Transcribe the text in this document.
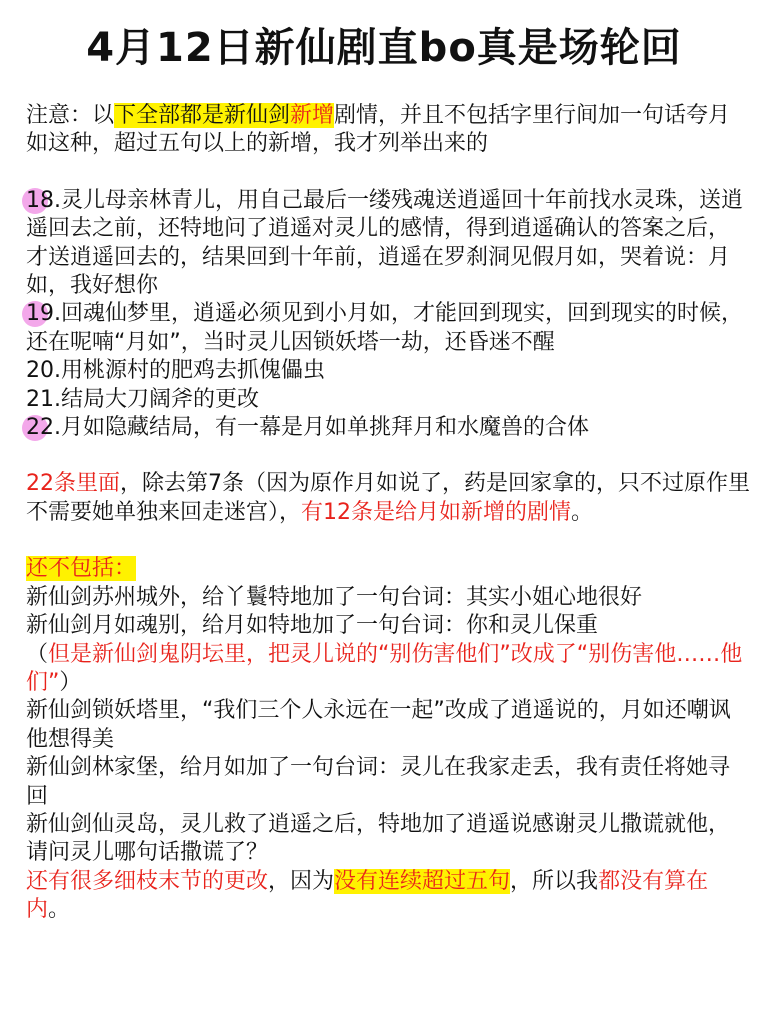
4月12日新仙剧直bo真是场轮回

注意：以下全部都是新仙剑新增剧情，并且不包括字里行间加一句话夸月如这种，超过五句以上的新增，我才列举出来的

18.灵儿母亲林青儿，用自己最后一缕残魂送逍遥回十年前找水灵珠，送逍遥回去之前，还特地问了逍遥对灵儿的感情，得到逍遥确认的答案之后，才送逍遥回去的，结果回到十年前，逍遥在罗刹洞见假月如，哭着说：月如，我好想你

19.回魂仙梦里，逍遥必须见到小月如，才能回到现实，回到现实的时候，还在呢喃“月如”，当时灵儿因锁妖塔一劫，还昏迷不醒

20.用桃源村的肥鸡去抓傀儡虫

21.结局大刀阔斧的更改

22.月如隐藏结局，有一幕是月如单挑拜月和水魔兽的合体

22条里面，除去第7条（因为原作月如说了，药是回家拿的，只不过原作里不需要她单独来回走迷宫），有12条是给月如新增的剧情。

还不包括：

新仙剑苏州城外，给丫鬟特地加了一句台词：其实小姐心地很好

新仙剑月如魂别，给月如特地加了一句台词：你和灵儿保重

（但是新仙剑鬼阴坛里，把灵儿说的“别伤害他们”改成了“别伤害他……他们”）

新仙剑锁妖塔里，“我们三个人永远在一起”改成了逍遥说的，月如还嘲讽他想得美

新仙剑林家堡，给月如加了一句台词：灵儿在我家走丢，我有责任将她寻回

新仙剑仙灵岛，灵儿救了逍遥之后，特地加了逍遥说感谢灵儿撒谎就他，请问灵儿哪句话撒谎了？

还有很多细枝末节的更改，因为没有连续超过五句，所以我都没有算在内。
